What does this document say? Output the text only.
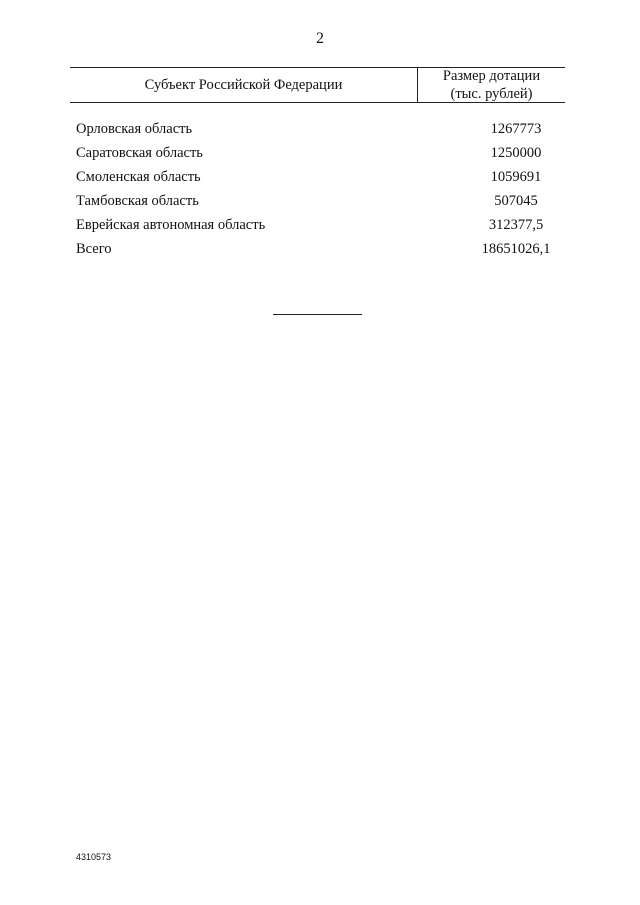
2
Субъект Российской Федерации
Размер дотации
(тыс. рублей)
Орловская область	1267773
Саратовская область	1250000
Смоленская область	1059691
Тамбовская область	507045
Еврейская автономная область	312377,5
Всего	18651026,1
4310573
